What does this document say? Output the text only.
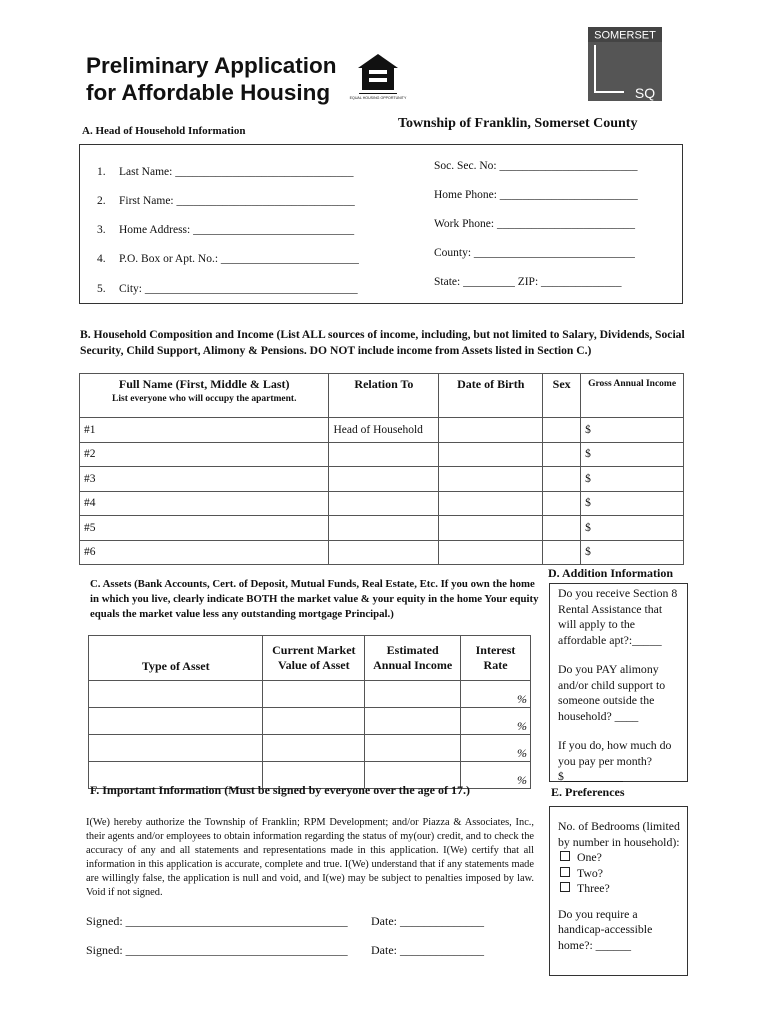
Preliminary Application
for Affordable Housing	EQUAL HOUSING OPPORTUNITY
SOMERSET
SQ
Township of Franklin, Somerset County
A. Head of Household Information
1. Last Name: _______________________________
2. First Name: _______________________________
3. Home Address: ____________________________
4. P.O. Box or Apt. No.: ________________________
5. City: _____________________________________
Soc. Sec. No: ________________________
Home Phone: ________________________
Work Phone: ________________________
County: ____________________________
State: _________ ZIP: ______________
B. Household Composition and Income (List ALL sources of income, including, but not limited to Salary, Dividends, Social Security, Child Support, Alimony & Pensions. DO NOT include income from Assets listed in Section C.)
Full Name (First, Middle & Last)
List everyone who will occupy the apartment.	Relation To	Date of Birth	Sex	Gross Annual Income
#1	Head of Household			$
#2				$
#3				$
#4				$
#5				$
#6				$
C. Assets (Bank Accounts, Cert. of Deposit, Mutual Funds, Real Estate, Etc. If you own the home in which you live, clearly indicate BOTH the market value & your equity in the home Your equity equals the market value less any outstanding mortgage Principal.)
Type of Asset	Current Market Value of Asset	Estimated Annual Income	Interest Rate
			%
			%
			%
			%
D. Addition Information
Do you receive Section 8 Rental Assistance that will apply to the affordable apt?:_____
Do you PAY alimony and/or child support to someone outside the household? ____
If you do, how much do you pay per month?
$__________
E. Preferences
No. of Bedrooms (limited by number in household):
One?
Two?
Three?
Do you require a handicap-accessible home?: ______
F. Important Information (Must be signed by everyone over the age of 17.)
I(We) hereby authorize the Township of Franklin; RPM Development; and/or Piazza & Associates, Inc., their agents and/or employees to obtain information regarding the status of my(our) credit, and to check the accuracy of any and all statements and representations made in this application. I(We) certify that all information in this application is accurate, complete and true. I(We) understand that if any statements made are willingly false, the application is null and void, and I(we) may be subject to penalties imposed by law. Void if not signed.
Signed: _____________________________________ Date: ______________
Signed: _____________________________________ Date: ______________
